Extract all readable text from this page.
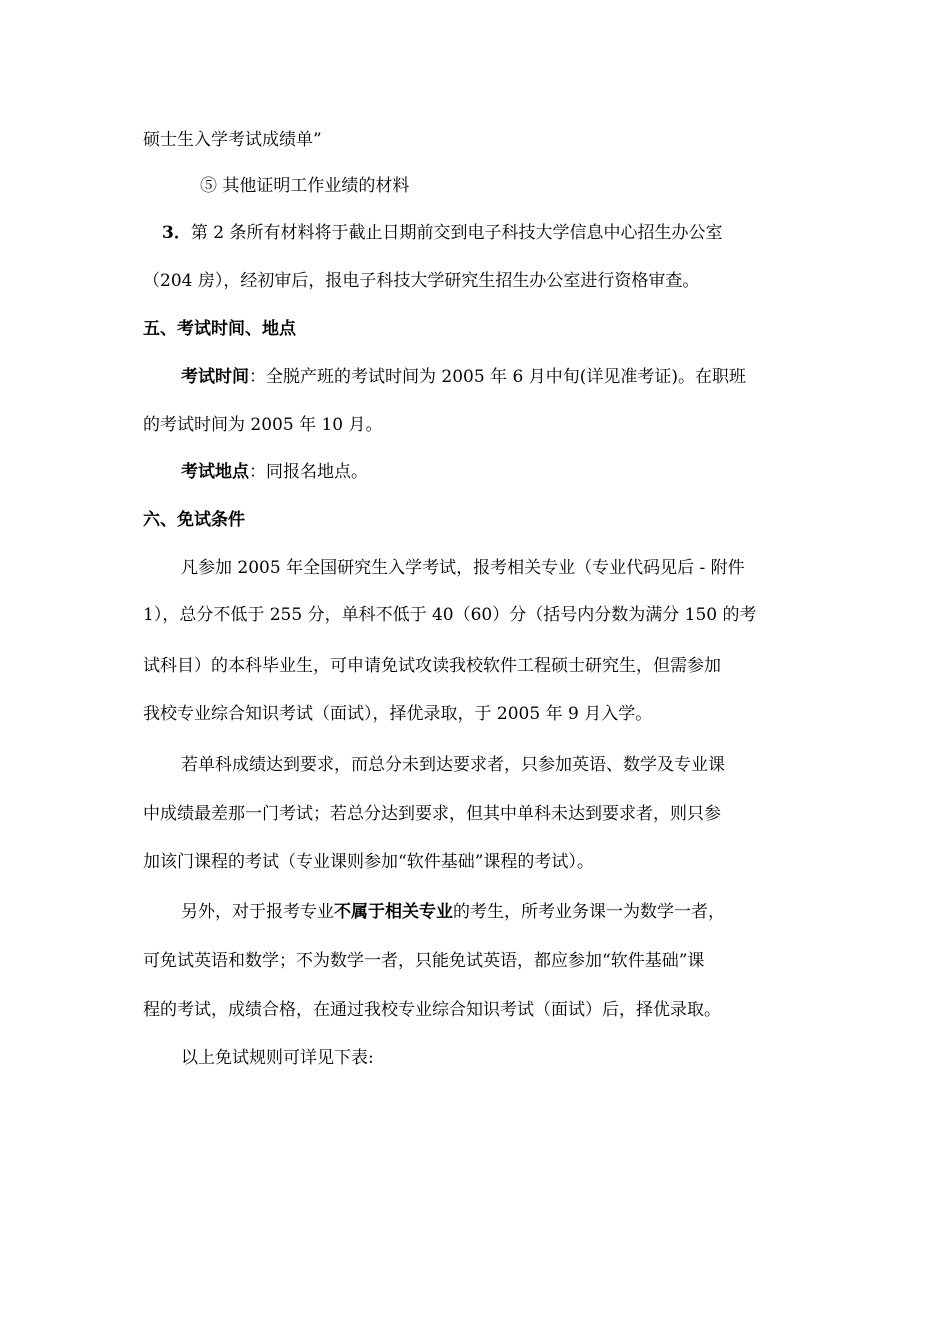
硕士生入学考试成绩单”
⑤ 其他证明工作业绩的材料
3．第 2 条所有材料将于截止日期前交到电子科技大学信息中心招生办公室
（204 房），经初审后，报电子科技大学研究生招生办公室进行资格审查。
五、考试时间、地点
考试时间：全脱产班的考试时间为 2005 年 6 月中旬(详见准考证)。在职班
的考试时间为 2005 年 10 月。
考试地点：同报名地点。
六、免试条件
凡参加 2005 年全国研究生入学考试，报考相关专业（专业代码见后 - 附件
1），总分不低于 255 分，单科不低于 40（60）分（括号内分数为满分 150 的考
试科目）的本科毕业生，可申请免试攻读我校软件工程硕士研究生，但需参加
我校专业综合知识考试（面试），择优录取，于 2005 年 9 月入学。
若单科成绩达到要求，而总分未到达要求者，只参加英语、数学及专业课
中成绩最差那一门考试；若总分达到要求，但其中单科未达到要求者，则只参
加该门课程的考试（专业课则参加“软件基础”课程的考试）。
另外，对于报考专业不属于相关专业的考生，所考业务课一为数学一者，
可免试英语和数学；不为数学一者，只能免试英语，都应参加“软件基础”课
程的考试，成绩合格，在通过我校专业综合知识考试（面试）后，择优录取。
以上免试规则可详见下表:
